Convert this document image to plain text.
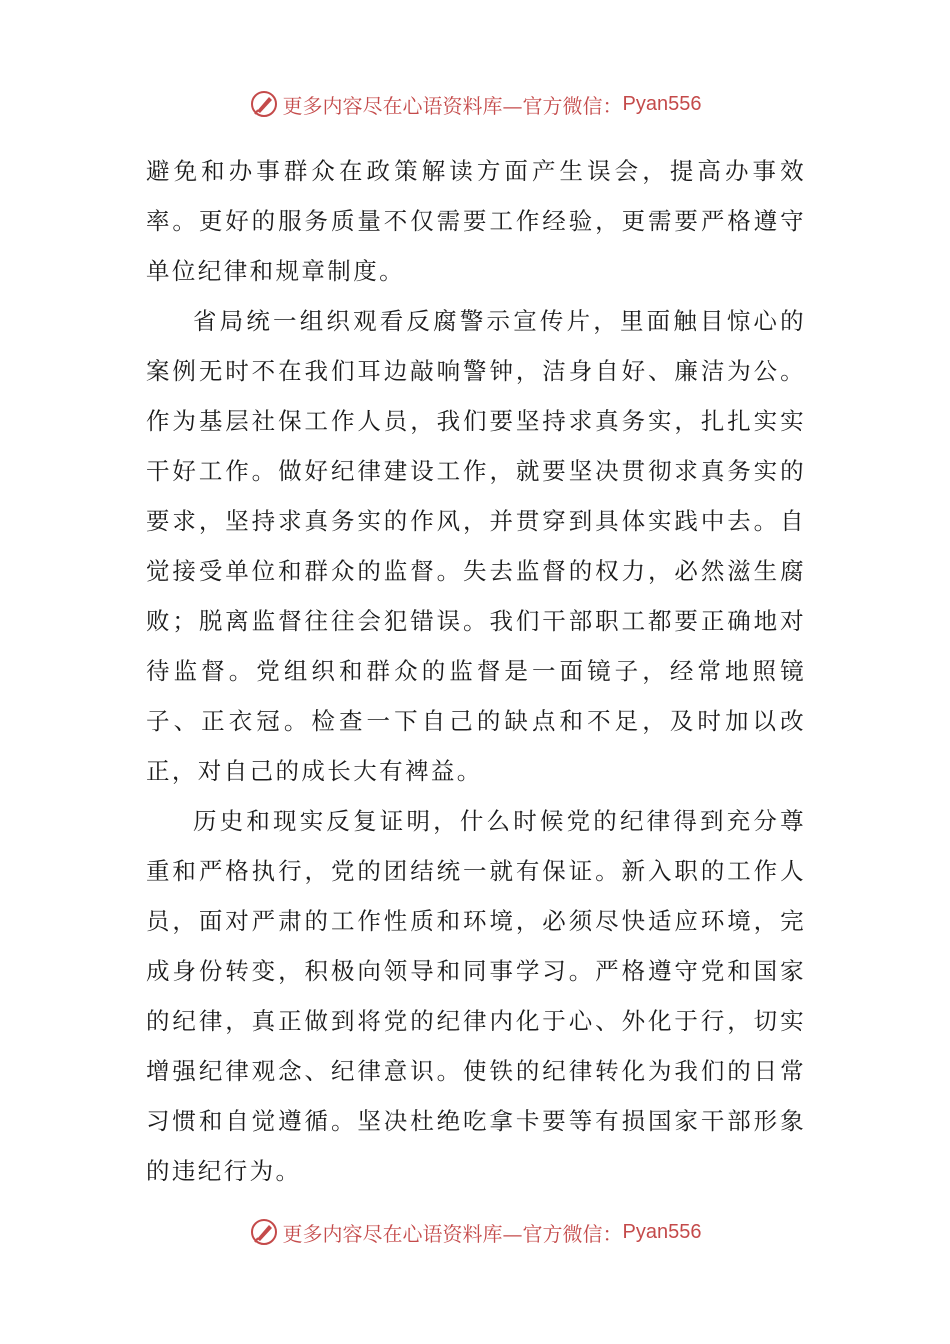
更多内容尽在心语资料库—官方微信： Pyan556

避免和办事群众在政策解读方面产生误会，提高办事效率。更好的服务质量不仅需要工作经验，更需要严格遵守单位纪律和规章制度。

省局统一组织观看反腐警示宣传片，里面触目惊心的案例无时不在我们耳边敲响警钟，洁身自好、廉洁为公。作为基层社保工作人员，我们要坚持求真务实，扎扎实实干好工作。做好纪律建设工作，就要坚决贯彻求真务实的要求，坚持求真务实的作风，并贯穿到具体实践中去。自觉接受单位和群众的监督。失去监督的权力，必然滋生腐败；脱离监督往往会犯错误。我们干部职工都要正确地对待监督。党组织和群众的监督是一面镜子，经常地照镜子、正衣冠。检查一下自己的缺点和不足，及时加以改正，对自己的成长大有裨益。

历史和现实反复证明，什么时候党的纪律得到充分尊重和严格执行，党的团结统一就有保证。新入职的工作人员，面对严肃的工作性质和环境，必须尽快适应环境，完成身份转变，积极向领导和同事学习。严格遵守党和国家的纪律，真正做到将党的纪律内化于心、外化于行，切实增强纪律观念、纪律意识。使铁的纪律转化为我们的日常习惯和自觉遵循。坚决杜绝吃拿卡要等有损国家干部形象的违纪行为。

更多内容尽在心语资料库—官方微信： Pyan556
